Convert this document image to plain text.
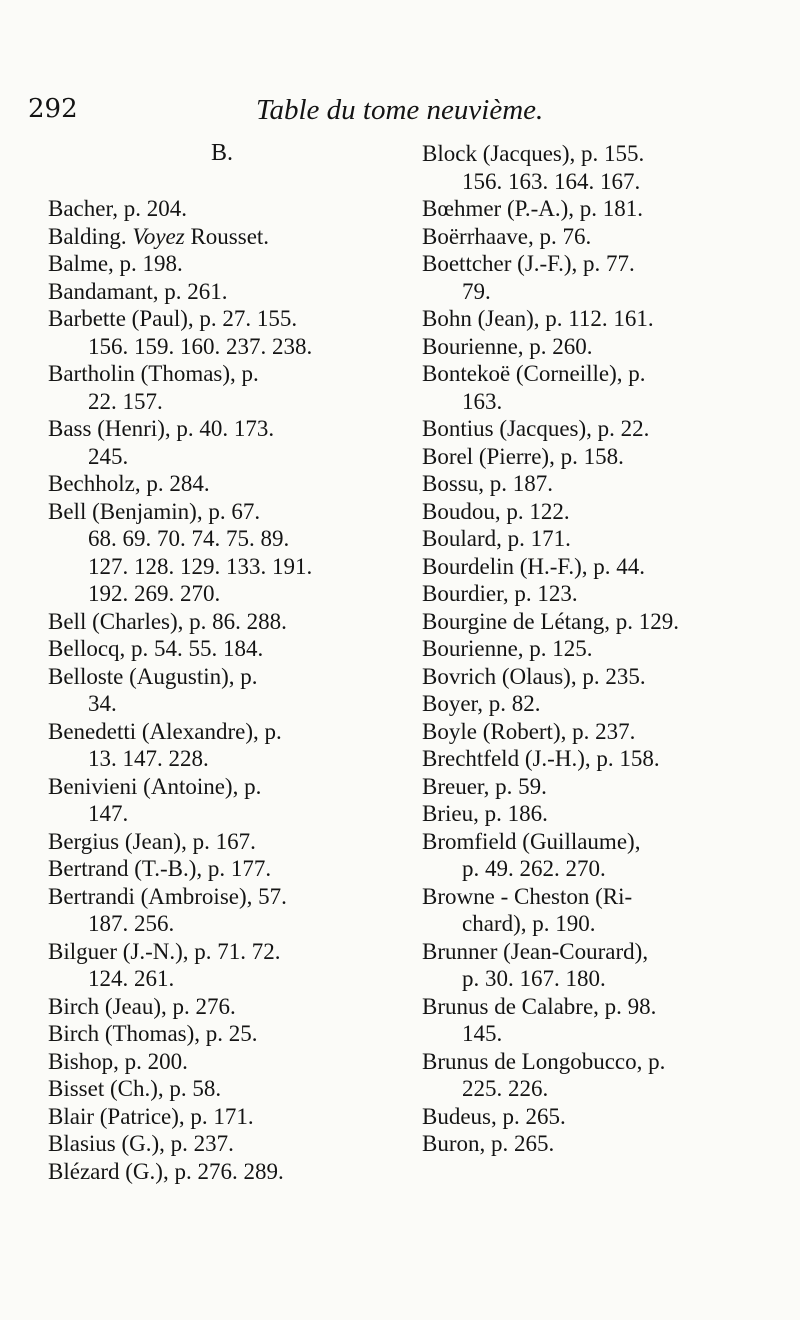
292	Table du tome neuvième.
B.
Bacher, p. 204.
Balding. Voyez Rousset.
Balme, p. 198.
Bandamant, p. 261.
Barbette (Paul), p. 27. 155.
156. 159. 160. 237. 238.
Bartholin (Thomas), p.
22. 157.
Bass (Henri), p. 40. 173.
245.
Bechholz, p. 284.
Bell (Benjamin), p. 67.
68. 69. 70. 74. 75. 89.
127. 128. 129. 133. 191.
192. 269. 270.
Bell (Charles), p. 86. 288.
Bellocq, p. 54. 55. 184.
Belloste (Augustin), p.
34.
Benedetti (Alexandre), p.
13. 147. 228.
Benivieni (Antoine), p.
147.
Bergius (Jean), p. 167.
Bertrand (T.-B.), p. 177.
Bertrandi (Ambroise), 57.
187. 256.
Bilguer (J.-N.), p. 71. 72.
124. 261.
Birch (Jeau), p. 276.
Birch (Thomas), p. 25.
Bishop, p. 200.
Bisset (Ch.), p. 58.
Blair (Patrice), p. 171.
Blasius (G.), p. 237.
Blézard (G.), p. 276. 289.
Block (Jacques), p. 155.
156. 163. 164. 167.
Bœhmer (P.-A.), p. 181.
Boërrhaave, p. 76.
Boettcher (J.-F.), p. 77.
79.
Bohn (Jean), p. 112. 161.
Bourienne, p. 260.
Bontekoë (Corneille), p.
163.
Bontius (Jacques), p. 22.
Borel (Pierre), p. 158.
Bossu, p. 187.
Boudou, p. 122.
Boulard, p. 171.
Bourdelin (H.-F.), p. 44.
Bourdier, p. 123.
Bourgine de Létang, p. 129.
Bourienne, p. 125.
Bovrich (Olaus), p. 235.
Boyer, p. 82.
Boyle (Robert), p. 237.
Brechtfeld (J.-H.), p. 158.
Breuer, p. 59.
Brieu, p. 186.
Bromfield (Guillaume),
p. 49. 262. 270.
Browne - Cheston (Ri-
chard), p. 190.
Brunner (Jean-Courard),
p. 30. 167. 180.
Brunus de Calabre, p. 98.
145.
Brunus de Longobucco, p.
225. 226.
Budeus, p. 265.
Buron, p. 265.
